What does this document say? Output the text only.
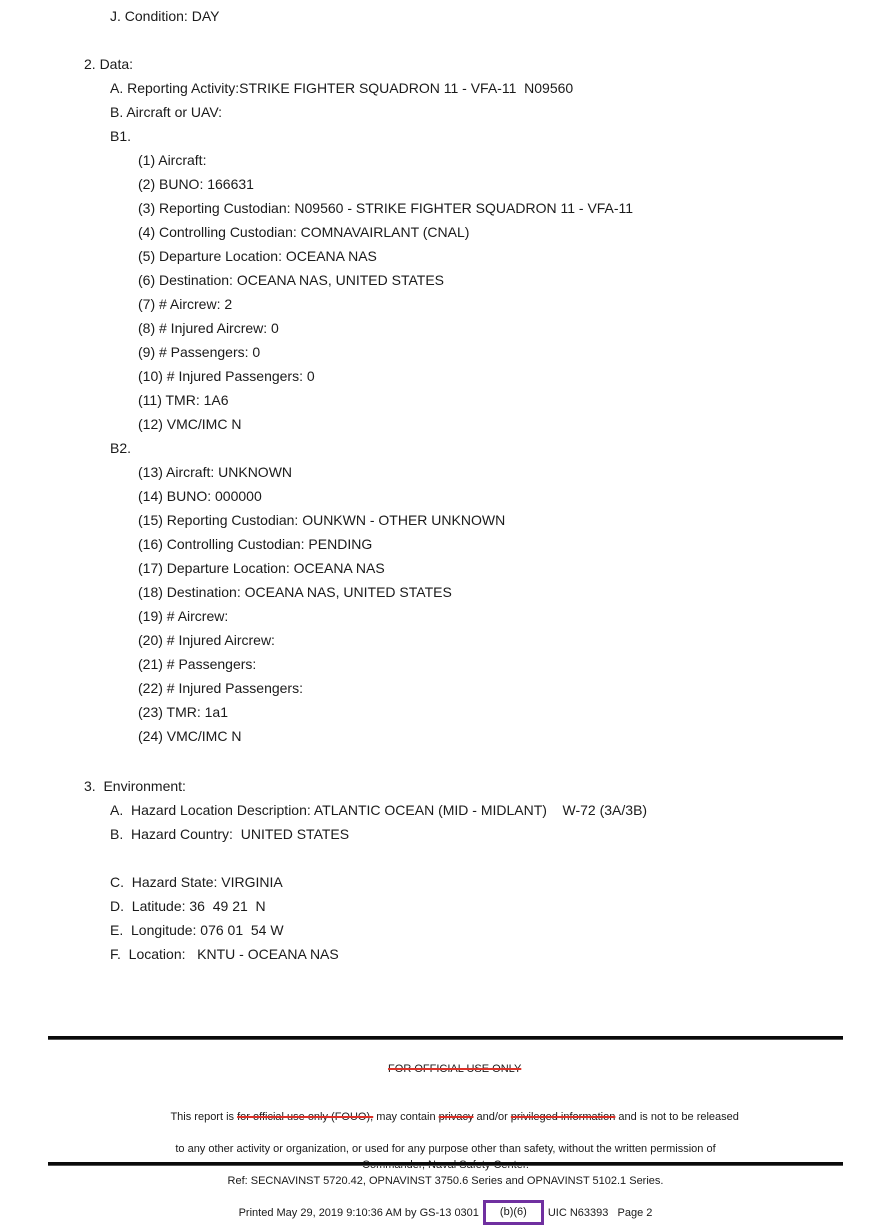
J. Condition: DAY
2. Data:
A. Reporting Activity:STRIKE FIGHTER SQUADRON 11 - VFA-11  N09560
B. Aircraft or UAV:
B1.
(1) Aircraft:
(2) BUNO: 166631
(3) Reporting Custodian: N09560 - STRIKE FIGHTER SQUADRON 11 - VFA-11
(4) Controlling Custodian: COMNAVAIRLANT (CNAL)
(5) Departure Location: OCEANA NAS
(6) Destination: OCEANA NAS, UNITED STATES
(7) # Aircrew: 2
(8) # Injured Aircrew: 0
(9) # Passengers: 0
(10) # Injured Passengers: 0
(11) TMR: 1A6
(12) VMC/IMC N
B2.
(13) Aircraft: UNKNOWN
(14) BUNO: 000000
(15) Reporting Custodian: OUNKWN - OTHER UNKNOWN
(16) Controlling Custodian: PENDING
(17) Departure Location: OCEANA NAS
(18) Destination: OCEANA NAS, UNITED STATES
(19) # Aircrew:
(20) # Injured Aircrew:
(21) # Passengers:
(22) # Injured Passengers:
(23) TMR: 1a1
(24) VMC/IMC N
3.  Environment:
A.  Hazard Location Description: ATLANTIC OCEAN (MID - MIDLANT)    W-72 (3A/3B)
B.  Hazard Country:  UNITED STATES
C.  Hazard State: VIRGINIA
D.  Latitude: 36  49 21  N
E.  Longitude: 076 01  54 W
F.  Location:   KNTU - OCEANA NAS

FOR OFFICIAL USE ONLY

This report is for official use only (FOUO), may contain privacy and/or privileged information and is not to be released

to any other activity or organization, or used for any purpose other than safety, without the written permission of
Ref: SECNAVINST 5720.42, OPNAVINST 3750.6 Series and OPNAVINST 5102.1 Series.
Printed May 29, 2019 9:10:36 AM by GS-13 0301	(b)(6)	UIC N63393   Page 2
